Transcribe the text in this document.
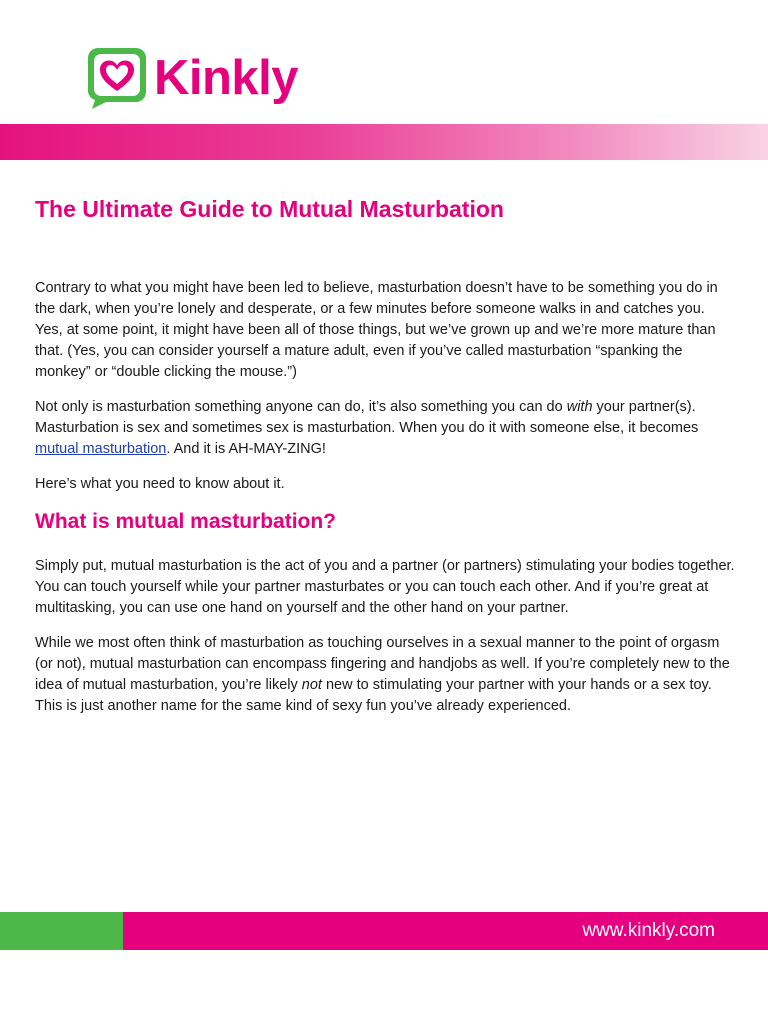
Kinkly
The Ultimate Guide to Mutual Masturbation

Contrary to what you might have been led to believe, masturbation doesn’t have to be something you do in the dark, when you’re lonely and desperate, or a few minutes before someone walks in and catches you. Yes, at some point, it might have been all of those things, but we’ve grown up and we’re more mature than that. (Yes, you can consider yourself a mature adult, even if you’ve called masturbation “spanking the monkey” or “double clicking the mouse.”)

Not only is masturbation something anyone can do, it’s also something you can do with your partner(s). Masturbation is sex and sometimes sex is masturbation. When you do it with someone else, it becomes mutual masturbation. And it is AH-MAY-ZING!

Here’s what you need to know about it.

What is mutual masturbation?

Simply put, mutual masturbation is the act of you and a partner (or partners) stimulating your bodies together. You can touch yourself while your partner masturbates or you can touch each other. And if you’re great at multitasking, you can use one hand on yourself and the other hand on your partner.

While we most often think of masturbation as touching ourselves in a sexual manner to the point of orgasm (or not), mutual masturbation can encompass fingering and handjobs as well. If you’re completely new to the idea of mutual masturbation, you’re likely not new to stimulating your partner with your hands or a sex toy. This is just another name for the same kind of sexy fun you’ve already experienced.

www.kinkly.com
